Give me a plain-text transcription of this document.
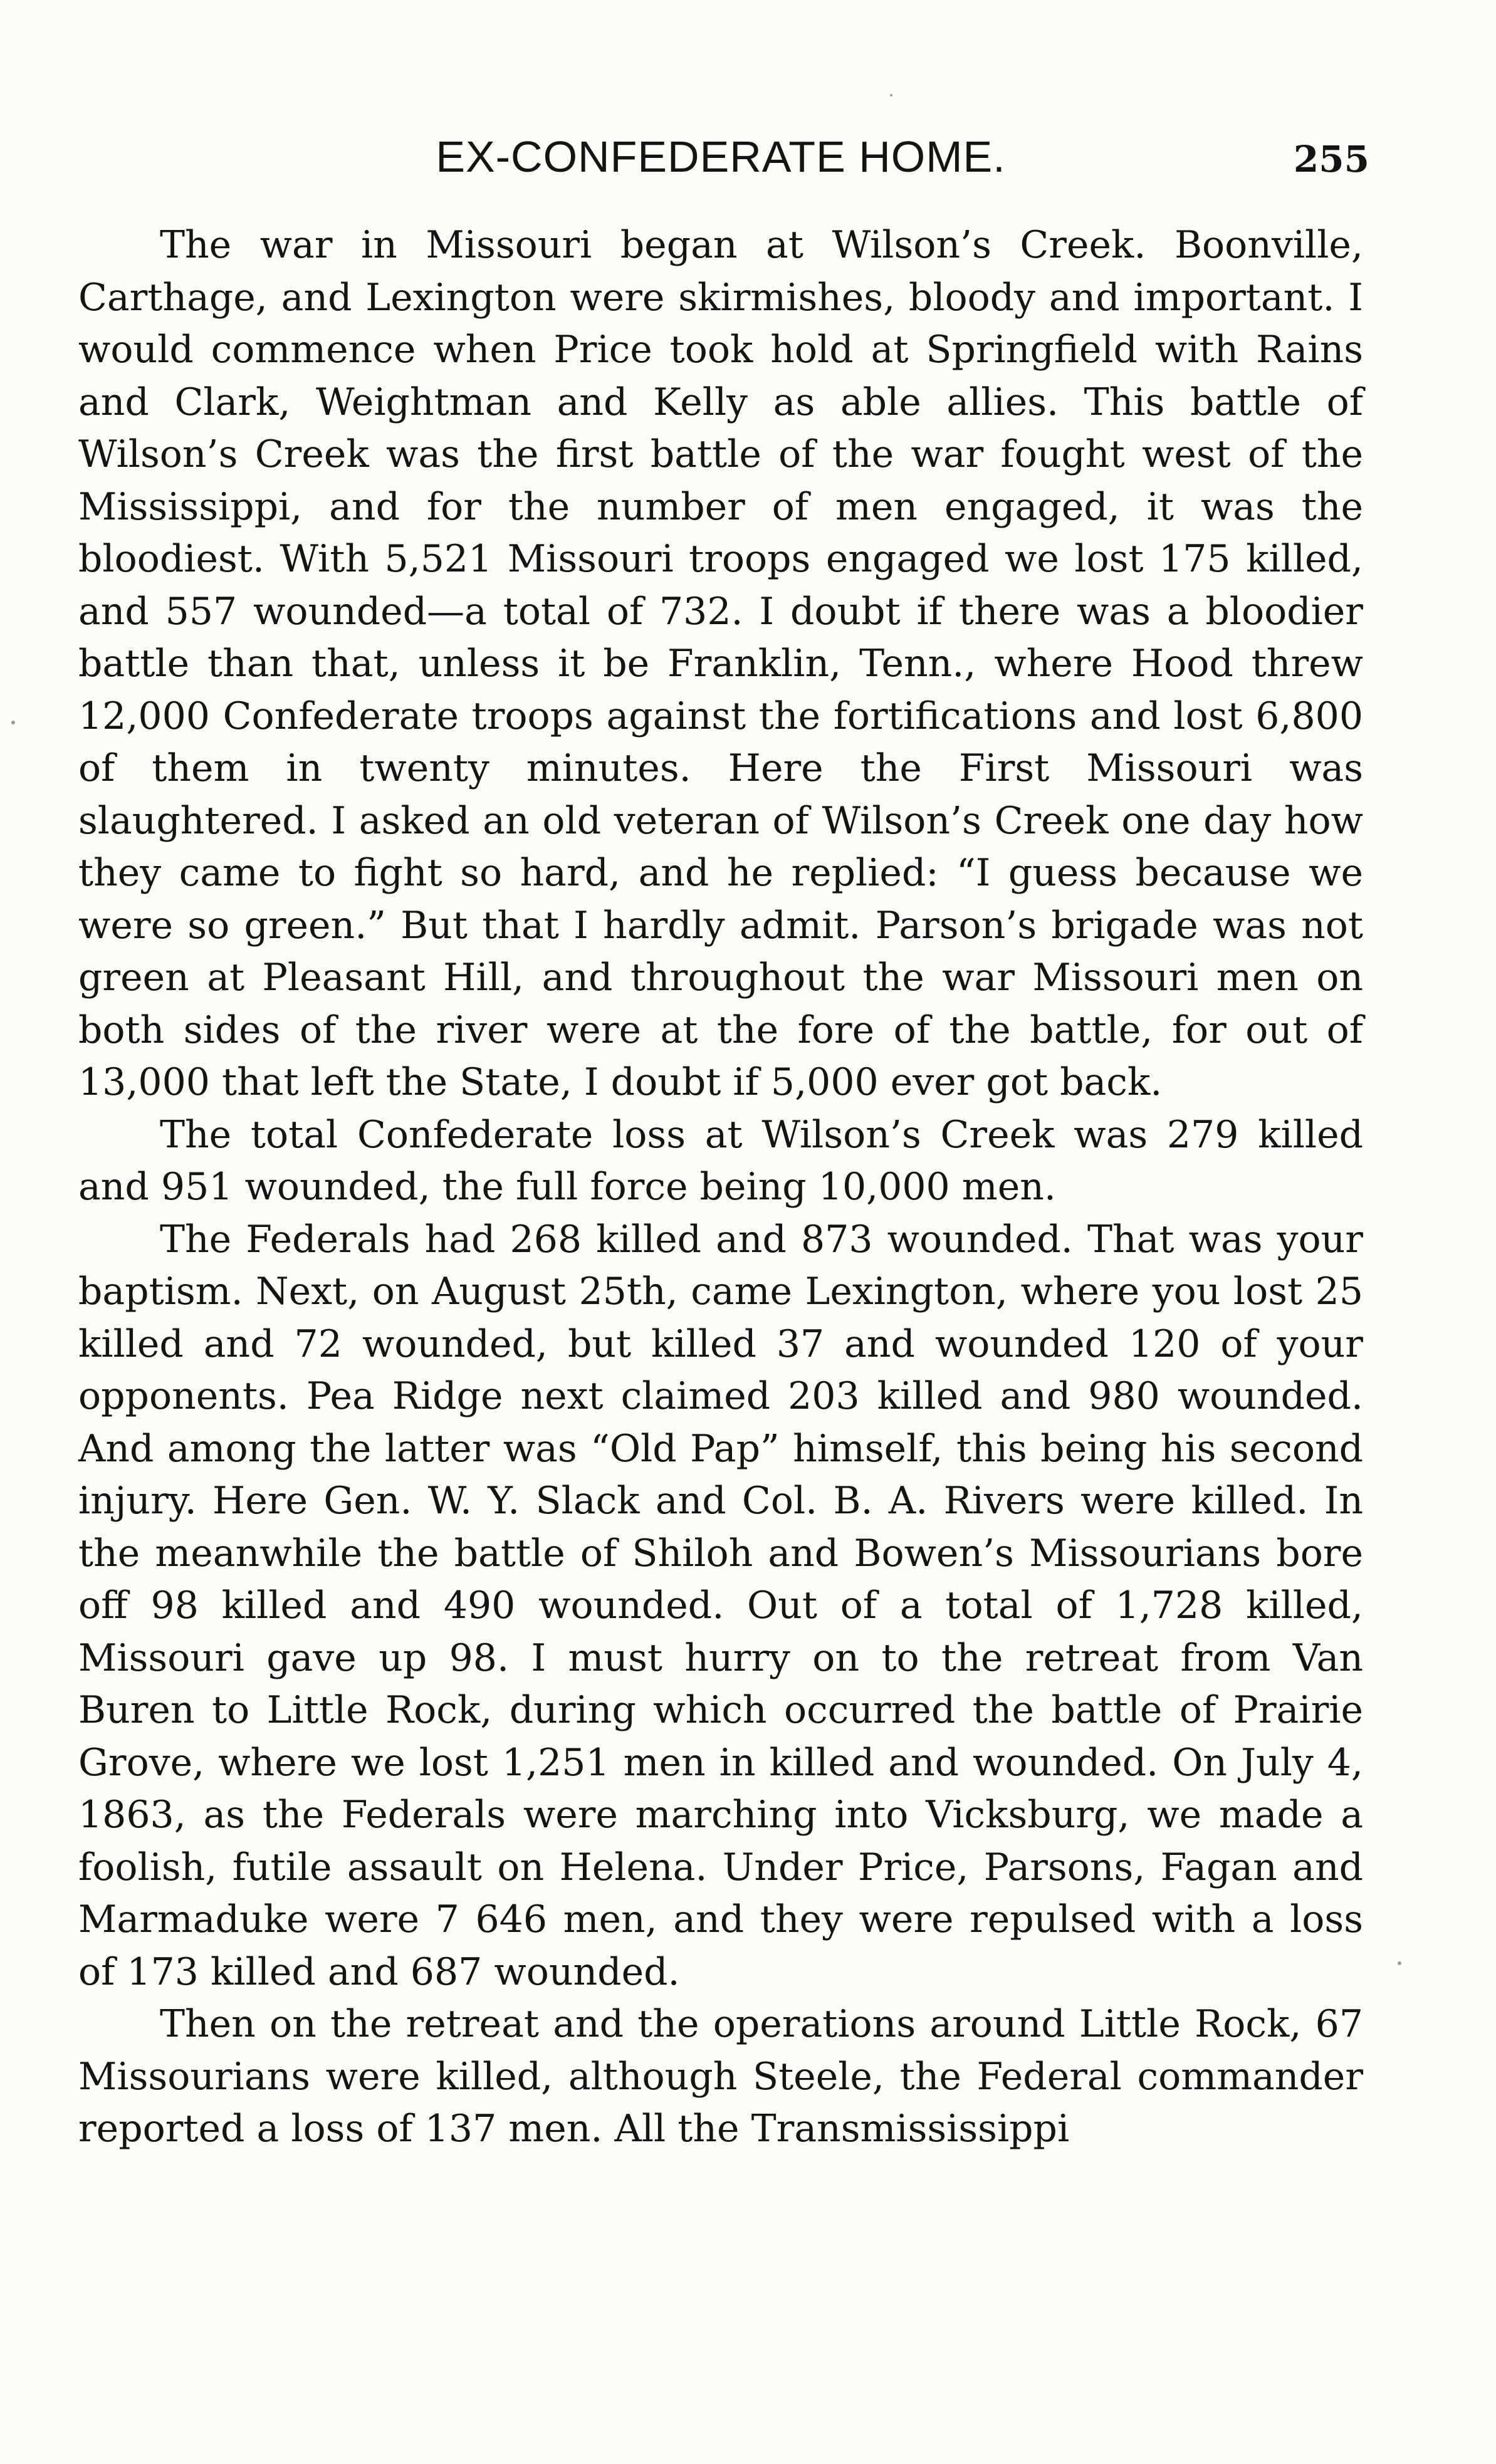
EX-CONFEDERATE HOME.	255

The war in Missouri began at Wilson’s Creek. Boonville, Carthage, and Lexington were skirmishes, bloody and important. I would commence when Price took hold at Springfield with Rains and Clark, Weightman and Kelly as able allies. This battle of Wilson’s Creek was the first battle of the war fought west of the Mississippi, and for the number of men engaged, it was the bloodiest. With 5,521 Missouri troops engaged we lost 175 killed, and 557 wounded—a total of 732. I doubt if there was a bloodier battle than that, unless it be Franklin, Tenn., where Hood threw 12,000 Confederate troops against the fortifications and lost 6,800 of them in twenty minutes. Here the First Missouri was slaughtered. I asked an old veteran of Wilson’s Creek one day how they came to fight so hard, and he replied: “I guess because we were so green.” But that I hardly admit. Parson’s brigade was not green at Pleasant Hill, and throughout the war Missouri men on both sides of the river were at the fore of the battle, for out of 13,000 that left the State, I doubt if 5,000 ever got back.

The total Confederate loss at Wilson’s Creek was 279 killed and 951 wounded, the full force being 10,000 men.

The Federals had 268 killed and 873 wounded. That was your baptism. Next, on August 25th, came Lexington, where you lost 25 killed and 72 wounded, but killed 37 and wounded 120 of your opponents. Pea Ridge next claimed 203 killed and 980 wounded. And among the latter was “Old Pap” himself, this being his second injury. Here Gen. W. Y. Slack and Col. B. A. Rivers were killed. In the meanwhile the battle of Shiloh and Bowen’s Missourians bore off 98 killed and 490 wounded. Out of a total of 1,728 killed, Missouri gave up 98. I must hurry on to the retreat from Van Buren to Little Rock, during which occurred the battle of Prairie Grove, where we lost 1,251 men in killed and wounded. On July 4, 1863, as the Federals were marching into Vicksburg, we made a foolish, futile assault on Helena. Under Price, Parsons, Fagan and Marmaduke were 7 646 men, and they were repulsed with a loss of 173 killed and 687 wounded.

Then on the retreat and the operations around Little Rock, 67 Missourians were killed, although Steele, the Federal commander reported a loss of 137 men. All the Transmississippi
